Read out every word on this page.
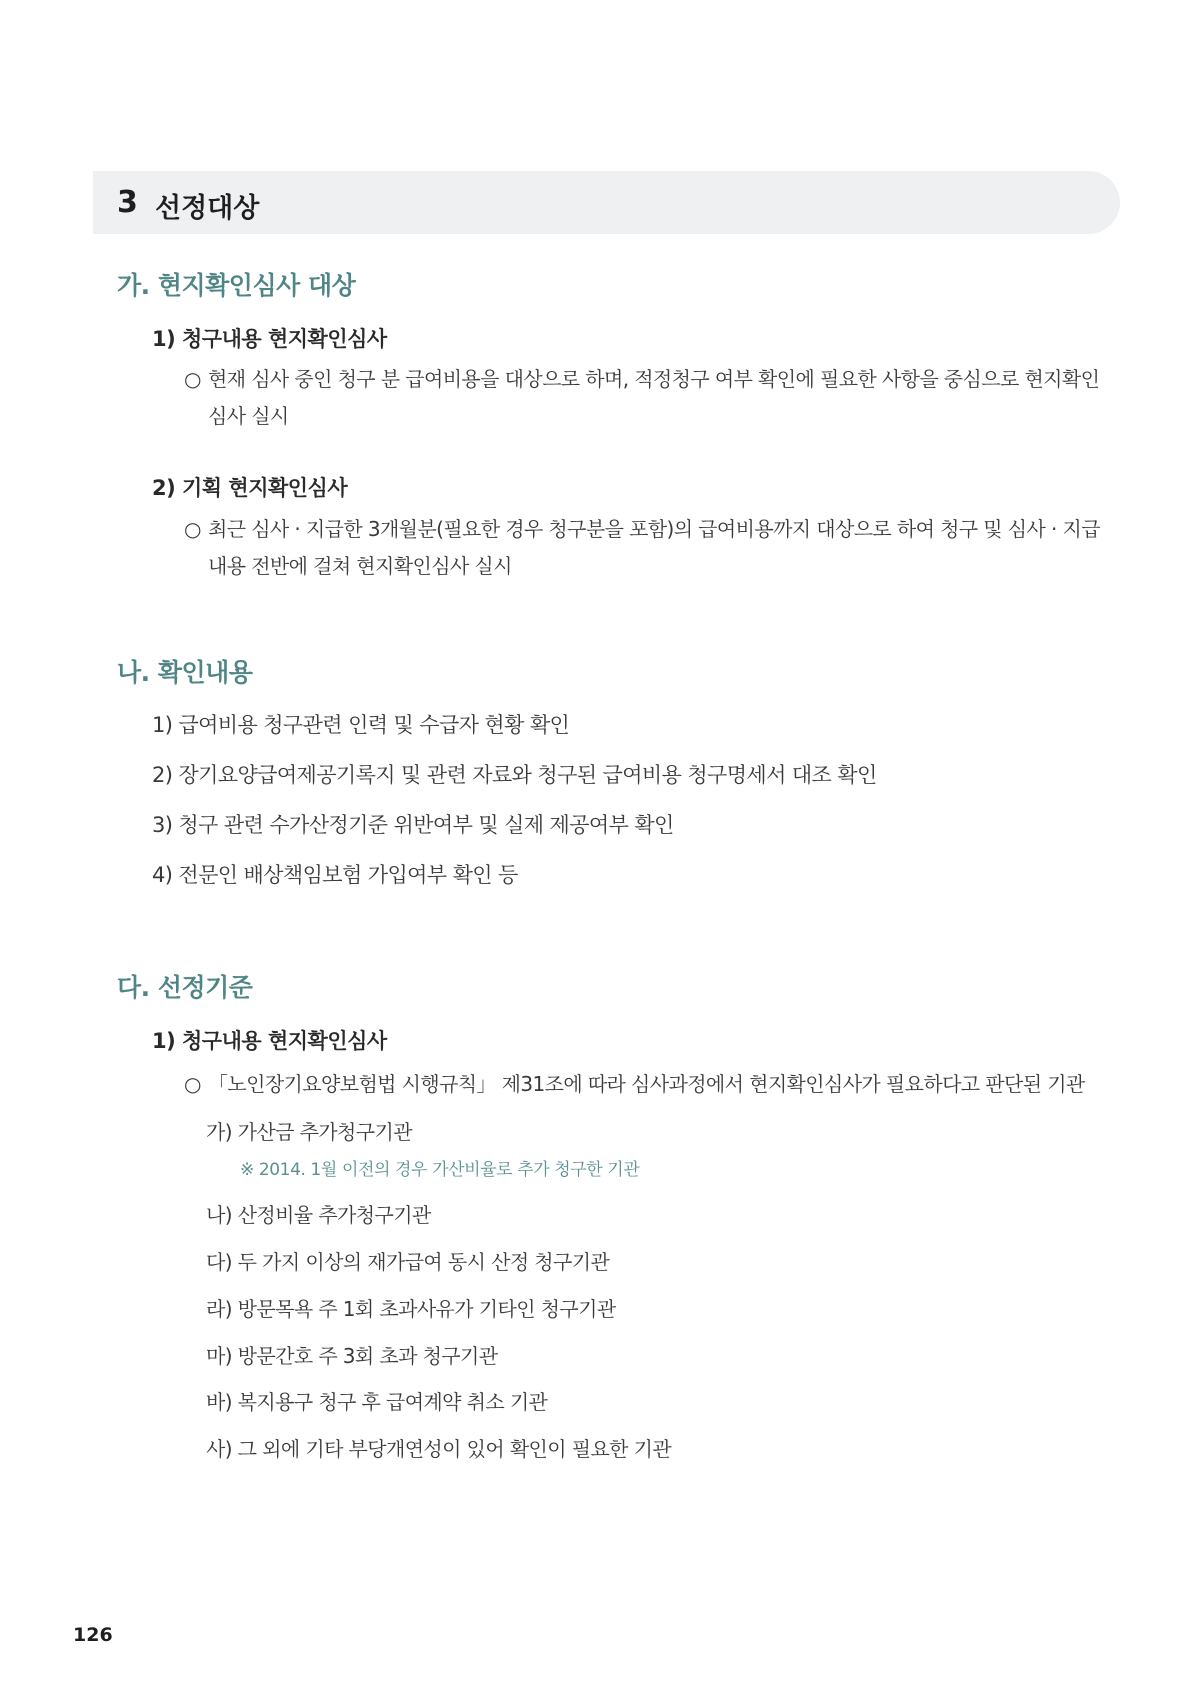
3 선정대상
가. 현지확인심사 대상
1) 청구내용 현지확인심사
○ 현재 심사 중인 청구 분 급여비용을 대상으로 하며, 적정청구 여부 확인에 필요한 사항을 중심으로 현지확인심사 실시
2) 기획 현지확인심사
○ 최근 심사 · 지급한 3개월분(필요한 경우 청구분을 포함)의 급여비용까지 대상으로 하여 청구 및 심사 · 지급 내용 전반에 걸쳐 현지확인심사 실시
나. 확인내용
1) 급여비용 청구관련 인력 및 수급자 현황 확인
2) 장기요양급여제공기록지 및 관련 자료와 청구된 급여비용 청구명세서 대조 확인
3) 청구 관련 수가산정기준 위반여부 및 실제 제공여부 확인
4) 전문인 배상책임보험 가입여부 확인 등
다. 선정기준
1) 청구내용 현지확인심사
○ 「노인장기요양보험법 시행규칙」 제31조에 따라 심사과정에서 현지확인심사가 필요하다고 판단된 기관
가) 가산금 추가청구기관
※ 2014. 1월 이전의 경우 가산비율로 추가 청구한 기관
나) 산정비율 추가청구기관
다) 두 가지 이상의 재가급여 동시 산정 청구기관
라) 방문목욕 주 1회 초과사유가 기타인 청구기관
마) 방문간호 주 3회 초과 청구기관
바) 복지용구 청구 후 급여계약 취소 기관
사) 그 외에 기타 부당개연성이 있어 확인이 필요한 기관
126
